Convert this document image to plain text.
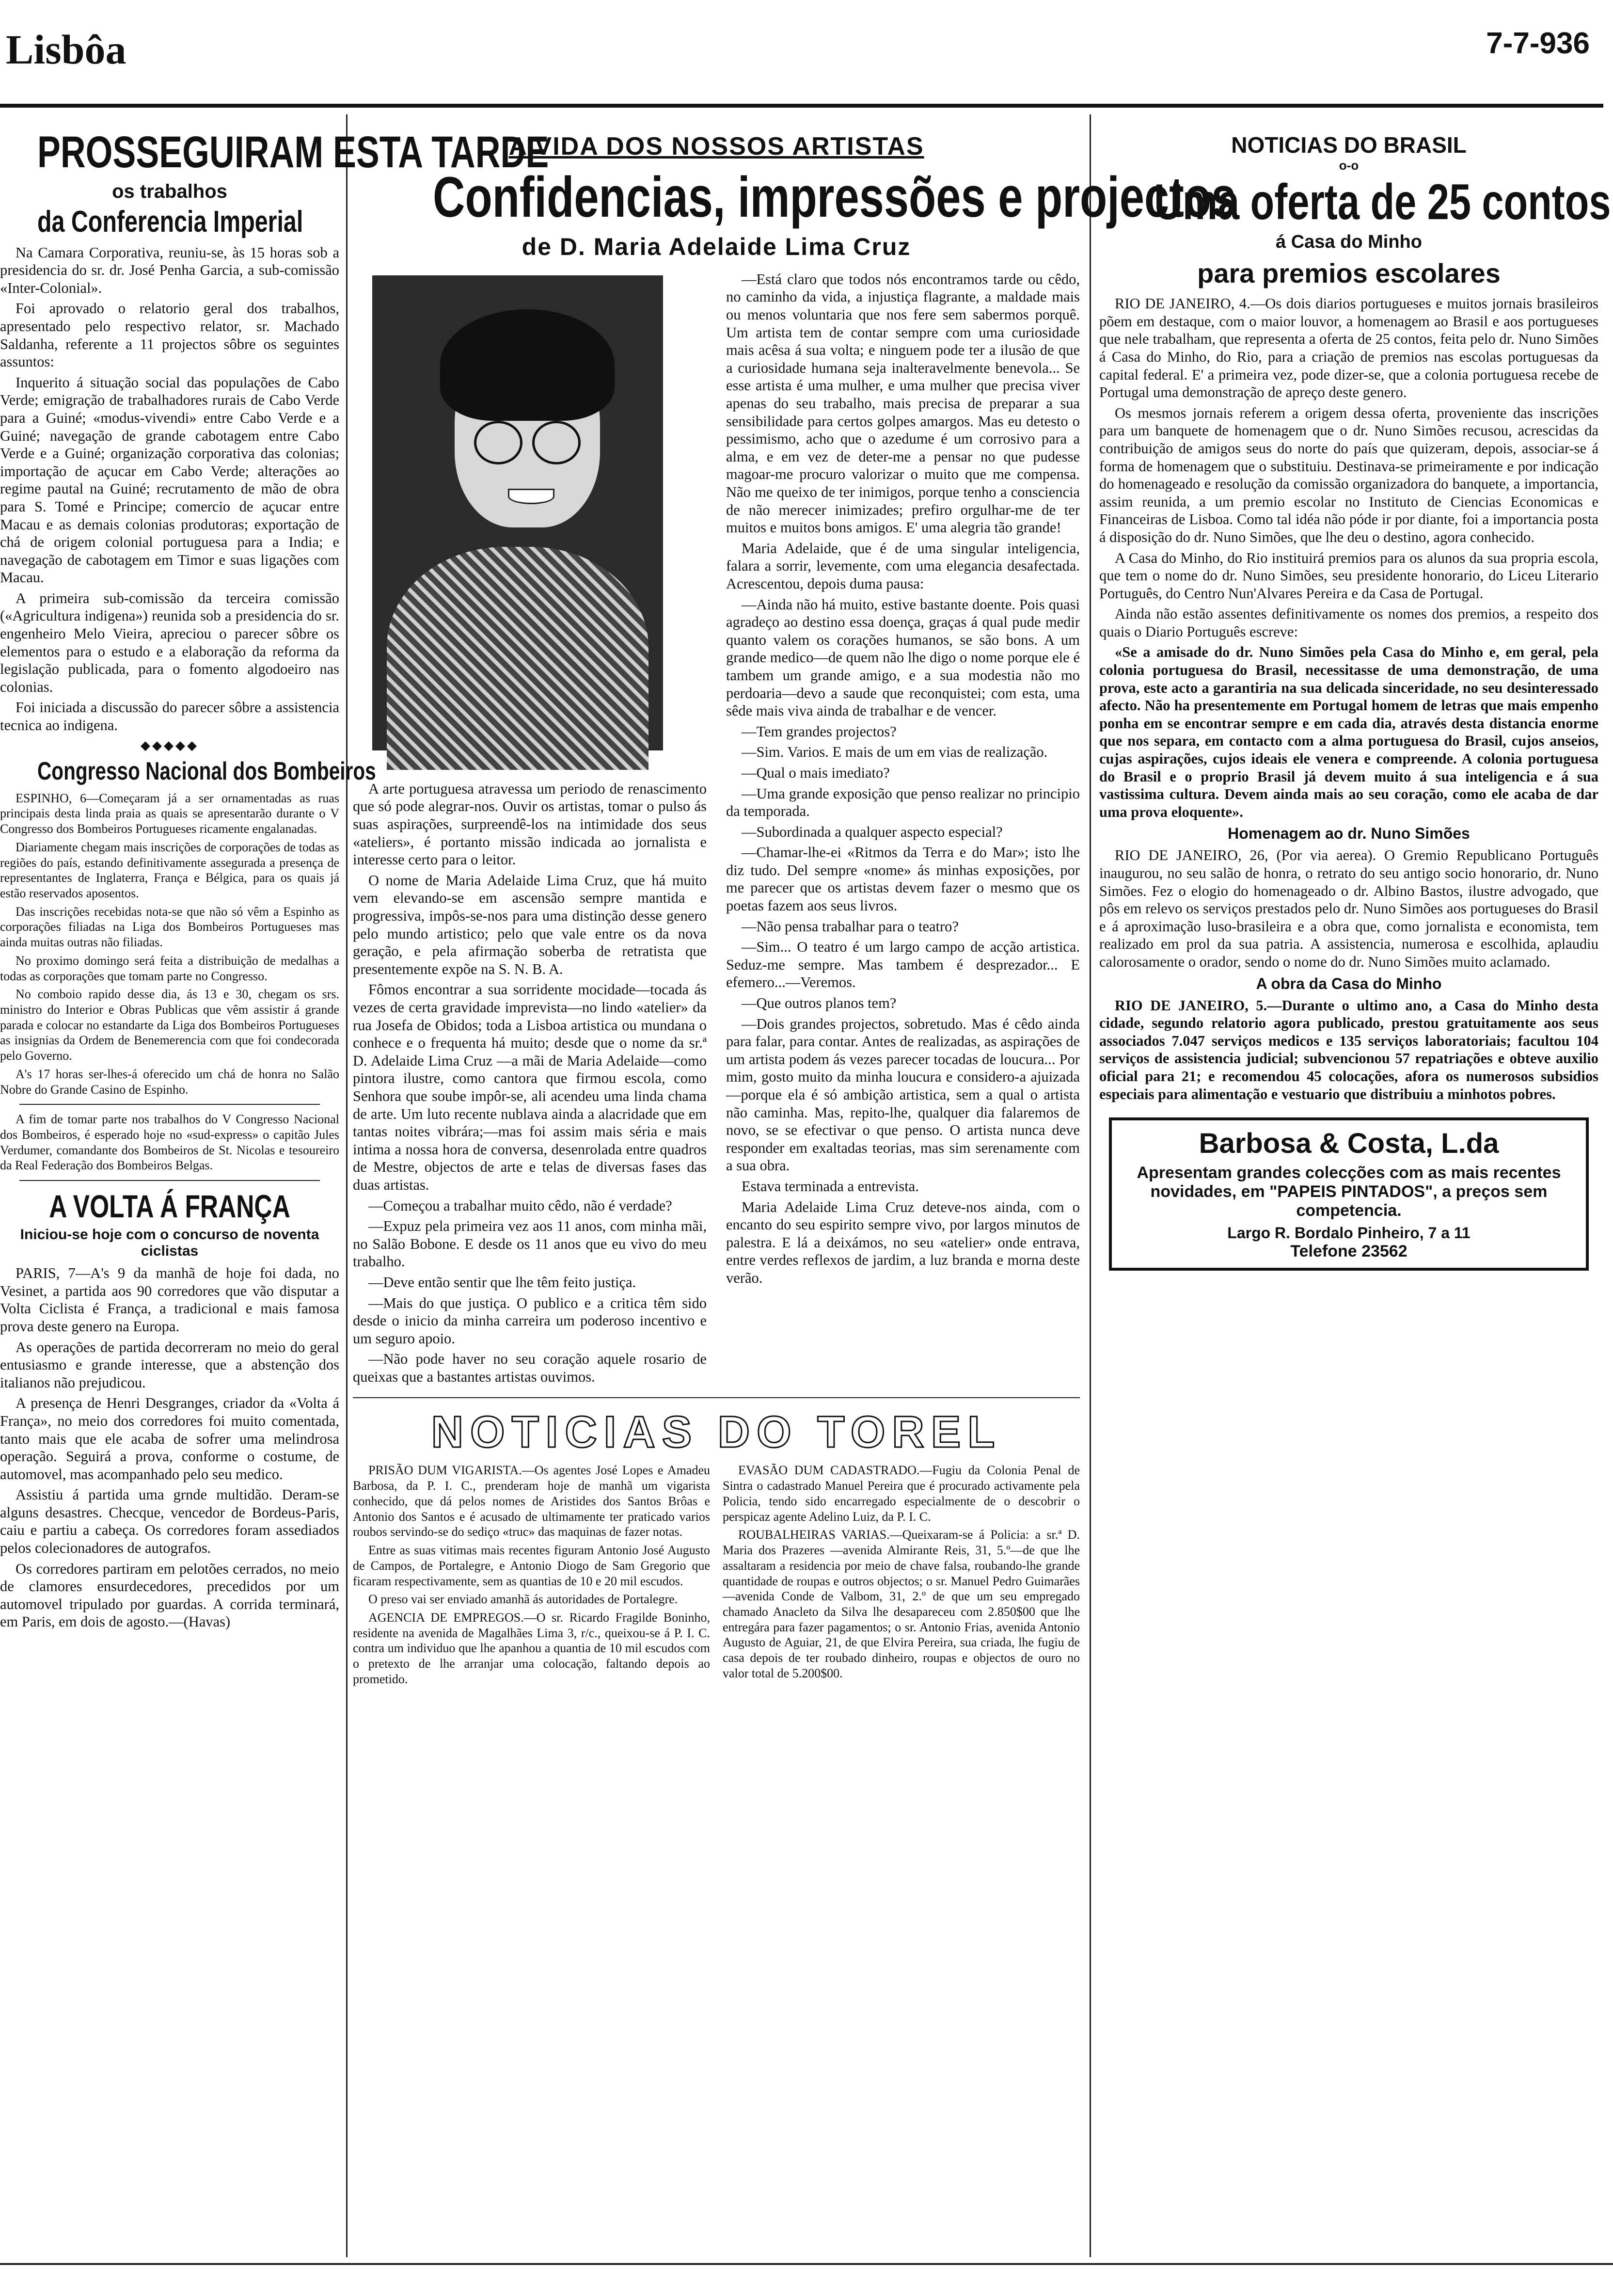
Lisbôa	7-7-936
PROSSEGUIRAM ESTA TARDE
os trabalhos
da Conferencia Imperial

Na Camara Corporativa, reuniu-se, às 15 horas sob a presidencia do sr. dr. José Penha Garcia, a sub-comissão «Inter-Colonial».

Foi aprovado o relatorio geral dos trabalhos, apresentado pelo respectivo relator, sr. Machado Saldanha, referente a 11 projectos sôbre os seguintes assuntos:

Inquerito á situação social das populações de Cabo Verde; emigração de trabalhadores rurais de Cabo Verde para a Guiné; «modus-vivendi» entre Cabo Verde e a Guiné; navegação de grande cabotagem entre Cabo Verde e a Guiné; organização corporativa das colonias; importação de açucar em Cabo Verde; alterações ao regime pautal na Guiné; recrutamento de mão de obra para S. Tomé e Principe; comercio de açucar entre Macau e as demais colonias produtoras; exportação de chá de origem colonial portuguesa para a India; e navegação de cabotagem em Timor e suas ligações com Macau.

A primeira sub-comissão da terceira comissão («Agricultura indigena») reunida sob a presidencia do sr. engenheiro Melo Vieira, apreciou o parecer sôbre os elementos para o estudo e a elaboração da reforma da legislação publicada, para o fomento algodoeiro nas colonias.

Foi iniciada a discussão do parecer sôbre a assistencia tecnica ao indigena.

◆◆◆◆◆
Congresso Nacional dos Bombeiros

ESPINHO, 6—Começaram já a ser ornamentadas as ruas principais desta linda praia as quais se apresentarão durante o V Congresso dos Bombeiros Portugueses ricamente engalanadas.

Diariamente chegam mais inscrições de corporações de todas as regiões do país, estando definitivamente assegurada a presença de representantes de Inglaterra, França e Bélgica, para os quais já estão reservados aposentos.

Das inscrições recebidas nota-se que não só vêm a Espinho as corporações filiadas na Liga dos Bombeiros Portugueses mas ainda muitas outras não filiadas.

No proximo domingo será feita a distribuição de medalhas a todas as corporações que tomam parte no Congresso.

No comboio rapido desse dia, ás 13 e 30, chegam os srs. ministro do Interior e Obras Publicas que vêm assistir á grande parada e colocar no estandarte da Liga dos Bombeiros Portugueses as insignias da Ordem de Benemerencia com que foi condecorada pelo Governo.

A's 17 horas ser-lhes-á oferecido um chá de honra no Salão Nobre do Grande Casino de Espinho.

A fim de tomar parte nos trabalhos do V Congresso Nacional dos Bombeiros, é esperado hoje no «sud-express» o capitão Jules Verdumer, comandante dos Bombeiros de St. Nicolas e tesoureiro da Real Federação dos Bombeiros Belgas.

A VOLTA Á FRANÇA
Iniciou-se hoje com o concurso de noventa ciclistas

PARIS, 7—A's 9 da manhã de hoje foi dada, no Vesinet, a partida aos 90 corredores que vão disputar a Volta Ciclista é França, a tradicional e mais famosa prova deste genero na Europa.

As operações de partida decorreram no meio do geral entusiasmo e grande interesse, que a abstenção dos italianos não prejudicou.

A presença de Henri Desgranges, criador da «Volta á França», no meio dos corredores foi muito comentada, tanto mais que ele acaba de sofrer uma melindrosa operação. Seguirá a prova, conforme o costume, de automovel, mas acompanhado pelo seu medico.

Assistiu á partida uma grnde multidão. Deram-se alguns desastres. Checque, vencedor de Bordeus-Paris, caiu e partiu a cabeça. Os corredores foram assediados pelos colecionadores de autografos.

Os corredores partiram em pelotões cerrados, no meio de clamores ensurdecedores, precedidos por um automovel tripulado por guardas. A corrida terminará, em Paris, em dois de agosto.—(Havas)

A VIDA DOS NOSSOS ARTISTAS
Confidencias, impressões e projectos
de D. Maria Adelaide Lima Cruz

A arte portuguesa atravessa um periodo de renascimento que só pode alegrar-nos. Ouvir os artistas, tomar o pulso ás suas aspirações, surpreendê-los na intimidade dos seus «ateliers», é portanto missão indicada ao jornalista e interesse certo para o leitor.

O nome de Maria Adelaide Lima Cruz, que há muito vem elevando-se em ascensão sempre mantida e progressiva, impôs-se-nos para uma distinção desse genero pelo mundo artistico; pelo que vale entre os da nova geração, e pela afirmação soberba de retratista que presentemente expõe na S. N. B. A.

Fômos encontrar a sua sorridente mocidade—tocada ás vezes de certa gravidade imprevista—no lindo «atelier» da rua Josefa de Obidos; toda a Lisboa artistica ou mundana o conhece e o frequenta há muito; desde que o nome da sr.ª D. Adelaide Lima Cruz —a mãi de Maria Adelaide—como pintora ilustre, como cantora que firmou escola, como Senhora que soube impôr-se, ali acendeu uma linda chama de arte. Um luto recente nublava ainda a alacridade que em tantas noites vibrára;—mas foi assim mais séria e mais intima a nossa hora de conversa, desenrolada entre quadros de Mestre, objectos de arte e telas de diversas fases das duas artistas.

—Começou a trabalhar muito cêdo, não é verdade?

—Expuz pela primeira vez aos 11 anos, com minha mãi, no Salão Bobone. E desde os 11 anos que eu vivo do meu trabalho.

—Deve então sentir que lhe têm feito justiça.

—Mais do que justiça. O publico e a critica têm sido desde o inicio da minha carreira um poderoso incentivo e um seguro apoio.

—Não pode haver no seu coração aquele rosario de queixas que a bastantes artistas ouvimos.

—Está claro que todos nós encontramos tarde ou cêdo, no caminho da vida, a injustiça flagrante, a maldade mais ou menos voluntaria que nos fere sem sabermos porquê. Um artista tem de contar sempre com uma curiosidade mais acêsa á sua volta; e ninguem pode ter a ilusão de que a curiosidade humana seja inalteravelmente benevola... Se esse artista é uma mulher, e uma mulher que precisa viver apenas do seu trabalho, mais precisa de preparar a sua sensibilidade para certos golpes amargos. Mas eu detesto o pessimismo, acho que o azedume é um corrosivo para a alma, e em vez de deter-me a pensar no que pudesse magoar-me procuro valorizar o muito que me compensa. Não me queixo de ter inimigos, porque tenho a consciencia de não merecer inimizades; prefiro orgulhar-me de ter muitos e muitos bons amigos. E' uma alegria tão grande!

Maria Adelaide, que é de uma singular inteligencia, falara a sorrir, levemente, com uma elegancia desafectada. Acrescentou, depois duma pausa:

—Ainda não há muito, estive bastante doente. Pois quasi agradeço ao destino essa doença, graças á qual pude medir quanto valem os corações humanos, se são bons. A um grande medico—de quem não lhe digo o nome porque ele é tambem um grande amigo, e a sua modestia não mo perdoaria—devo a saude que reconquistei; com esta, uma sêde mais viva ainda de trabalhar e de vencer.

—Tem grandes projectos?

—Sim. Varios. E mais de um em vias de realização.

—Qual o mais imediato?

—Uma grande exposição que penso realizar no principio da temporada.

—Subordinada a qualquer aspecto especial?

—Chamar-lhe-ei «Ritmos da Terra e do Mar»; isto lhe diz tudo. Del sempre «nome» ás minhas exposições, por me parecer que os artistas devem fazer o mesmo que os poetas fazem aos seus livros.

—Não pensa trabalhar para o teatro?

—Sim... O teatro é um largo campo de acção artistica. Seduz-me sempre. Mas tambem é desprezador... E efemero...—Veremos.

—Que outros planos tem?

—Dois grandes projectos, sobretudo. Mas é cêdo ainda para falar, para contar. Antes de realizadas, as aspirações de um artista podem ás vezes parecer tocadas de loucura... Por mim, gosto muito da minha loucura e considero-a ajuizada—porque ela é só ambição artistica, sem a qual o artista não caminha. Mas, repito-lhe, qualquer dia falaremos de novo, se se efectivar o que penso. O artista nunca deve responder em exaltadas teorias, mas sim serenamente com a sua obra.

Estava terminada a entrevista.

Maria Adelaide Lima Cruz deteve-nos ainda, com o encanto do seu espirito sempre vivo, por largos minutos de palestra. E lá a deixámos, no seu «atelier» onde entrava, entre verdes reflexos de jardim, a luz branda e morna deste verão.

NOTICIAS DO TOREL

PRISÃO DUM VIGARISTA.—Os agentes José Lopes e Amadeu Barbosa, da P. I. C., prenderam hoje de manhã um vigarista conhecido, que dá pelos nomes de Aristides dos Santos Brôas e Antonio dos Santos e é acusado de ultimamente ter praticado varios roubos servindo-se do sediço «truc» das maquinas de fazer notas.

Entre as suas vitimas mais recentes figuram Antonio José Augusto de Campos, de Portalegre, e Antonio Diogo de Sam Gregorio que ficaram respectivamente, sem as quantias de 10 e 20 mil escudos.

O preso vai ser enviado amanhã ás autoridades de Portalegre.

AGENCIA DE EMPREGOS.—O sr. Ricardo Fragilde Boninho, residente na avenida de Magalhães Lima 3, r/c., queixou-se á P. I. C. contra um individuo que lhe apanhou a quantia de 10 mil escudos com o pretexto de lhe arranjar uma colocação, faltando depois ao prometido.

EVASÃO DUM CADASTRADO.—Fugiu da Colonia Penal de Sintra o cadastrado Manuel Pereira que é procurado activamente pela Policia, tendo sido encarregado especialmente de o descobrir o perspicaz agente Adelino Luiz, da P. I. C.

ROUBALHEIRAS VARIAS.—Queixaram-se á Policia: a sr.ª D. Maria dos Prazeres —avenida Almirante Reis, 31, 5.º—de que lhe assaltaram a residencia por meio de chave falsa, roubando-lhe grande quantidade de roupas e outros objectos; o sr. Manuel Pedro Guimarães—avenida Conde de Valbom, 31, 2.º de que um seu empregado chamado Anacleto da Silva lhe desapareceu com 2.850$00 que lhe entregára para fazer pagamentos; o sr. Antonio Frias, avenida Antonio Augusto de Aguiar, 21, de que Elvira Pereira, sua criada, lhe fugiu de casa depois de ter roubado dinheiro, roupas e objectos de ouro no valor total de 5.200$00.

NOTICIAS DO BRASIL
o-o
Uma oferta de 25 contos
á Casa do Minho
para premios escolares

RIO DE JANEIRO, 4.—Os dois diarios portugueses e muitos jornais brasileiros põem em destaque, com o maior louvor, a homenagem ao Brasil e aos portugueses que nele trabalham, que representa a oferta de 25 contos, feita pelo dr. Nuno Simões á Casa do Minho, do Rio, para a criação de premios nas escolas portuguesas da capital federal. E' a primeira vez, pode dizer-se, que a colonia portuguesa recebe de Portugal uma demonstração de apreço deste genero.

Os mesmos jornais referem a origem dessa oferta, proveniente das inscrições para um banquete de homenagem que o dr. Nuno Simões recusou, acrescidas da contribuição de amigos seus do norte do país que quizeram, depois, associar-se á forma de homenagem que o substituiu. Destinava-se primeiramente e por indicação do homenageado e resolução da comissão organizadora do banquete, a importancia, assim reunida, a um premio escolar no Instituto de Ciencias Economicas e Financeiras de Lisboa. Como tal idéa não póde ir por diante, foi a importancia posta á disposição do dr. Nuno Simões, que lhe deu o destino, agora conhecido.

A Casa do Minho, do Rio instituirá premios para os alunos da sua propria escola, que tem o nome do dr. Nuno Simões, seu presidente honorario, do Liceu Literario Português, do Centro Nun'Alvares Pereira e da Casa de Portugal.

Ainda não estão assentes definitivamente os nomes dos premios, a respeito dos quais o Diario Português escreve:

«Se a amisade do dr. Nuno Simões pela Casa do Minho e, em geral, pela colonia portuguesa do Brasil, necessitasse de uma demonstração, de uma prova, este acto a garantiria na sua delicada sinceridade, no seu desinteressado afecto. Não ha presentemente em Portugal homem de letras que mais empenho ponha em se encontrar sempre e em cada dia, através desta distancia enorme que nos separa, em contacto com a alma portuguesa do Brasil, cujos anseios, cujas aspirações, cujos ideais ele venera e compreende. A colonia portuguesa do Brasil e o proprio Brasil já devem muito á sua inteligencia e á sua vastissima cultura. Devem ainda mais ao seu coração, como ele acaba de dar uma prova eloquente».

Homenagem ao dr. Nuno Simões

RIO DE JANEIRO, 26, (Por via aerea). O Gremio Republicano Português inaugurou, no seu salão de honra, o retrato do seu antigo socio honorario, dr. Nuno Simões. Fez o elogio do homenageado o dr. Albino Bastos, ilustre advogado, que pôs em relevo os serviços prestados pelo dr. Nuno Simões aos portugueses do Brasil e á aproximação luso-brasileira e a obra que, como jornalista e economista, tem realizado em prol da sua patria. A assistencia, numerosa e escolhida, aplaudiu calorosamente o orador, sendo o nome do dr. Nuno Simões muito aclamado.

A obra da Casa do Minho

RIO DE JANEIRO, 5.—Durante o ultimo ano, a Casa do Minho desta cidade, segundo relatorio agora publicado, prestou gratuitamente aos seus associados 7.047 serviços medicos e 135 serviços laboratoriais; facultou 104 serviços de assistencia judicial; subvencionou 57 repatriações e obteve auxilio oficial para 21; e recomendou 45 colocações, afora os numerosos subsidios especiais para alimentação e vestuario que distribuiu a minhotos pobres.

Barbosa & Costa, L.da
Apresentam grandes colecções com as mais recentes novidades, em "PAPEIS PINTADOS", a preços sem competencia.
Largo R. Bordalo Pinheiro, 7 a 11
Telefone 23562
